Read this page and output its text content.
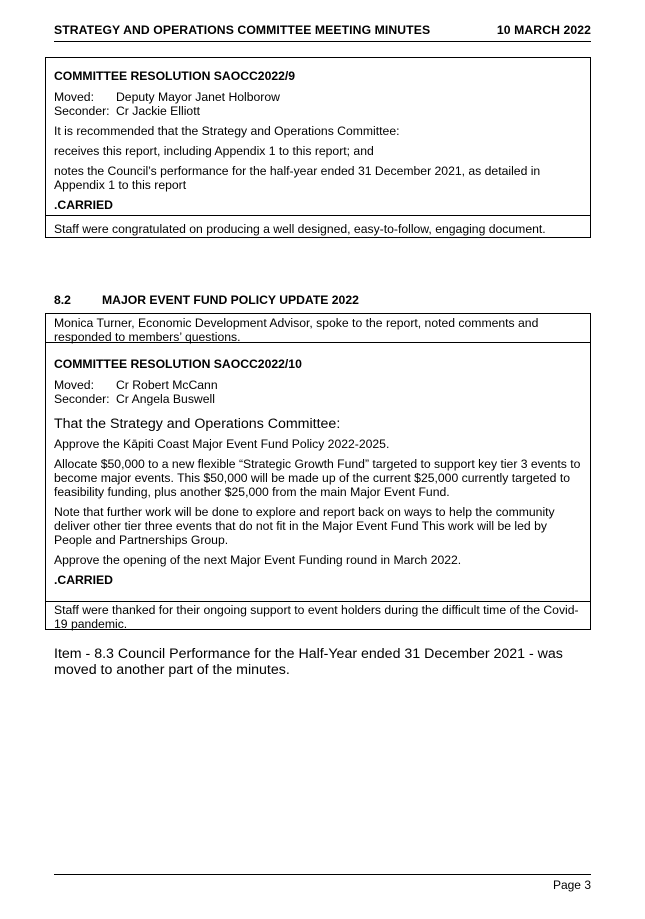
STRATEGY AND OPERATIONS COMMITTEE MEETING MINUTES	10 MARCH 2022

COMMITTEE RESOLUTION SAOCC2022/9

Moved:	Deputy Mayor Janet Holborow
Seconder: Cr Jackie Elliott

It is recommended that the Strategy and Operations Committee:

receives this report, including Appendix 1 to this report; and

notes the Council’s performance for the half-year ended 31 December 2021, as detailed in Appendix 1 to this report

.CARRIED

Staff were congratulated on producing a well designed, easy-to-follow, engaging document.
8.2	MAJOR EVENT FUND POLICY UPDATE 2022

Monica Turner, Economic Development Advisor, spoke to the report, noted comments and responded to members’ questions.

COMMITTEE RESOLUTION SAOCC2022/10

Moved:	Cr Robert McCann
Seconder: Cr Angela Buswell

That the Strategy and Operations Committee:

Approve the Kāpiti Coast Major Event Fund Policy 2022-2025.

Allocate $50,000 to a new flexible “Strategic Growth Fund” targeted to support key tier 3 events to become major events. This $50,000 will be made up of the current $25,000 currently targeted to feasibility funding, plus another $25,000 from the main Major Event Fund.

Note that further work will be done to explore and report back on ways to help the community deliver other tier three events that do not fit in the Major Event Fund This work will be led by People and Partnerships Group.

Approve the opening of the next Major Event Funding round in March 2022.

.CARRIED

Staff were thanked for their ongoing support to event holders during the difficult time of the Covid-19 pandemic.
Item - 8.3 Council Performance for the Half-Year ended 31 December 2021 - was moved to another part of the minutes.
Page 3
